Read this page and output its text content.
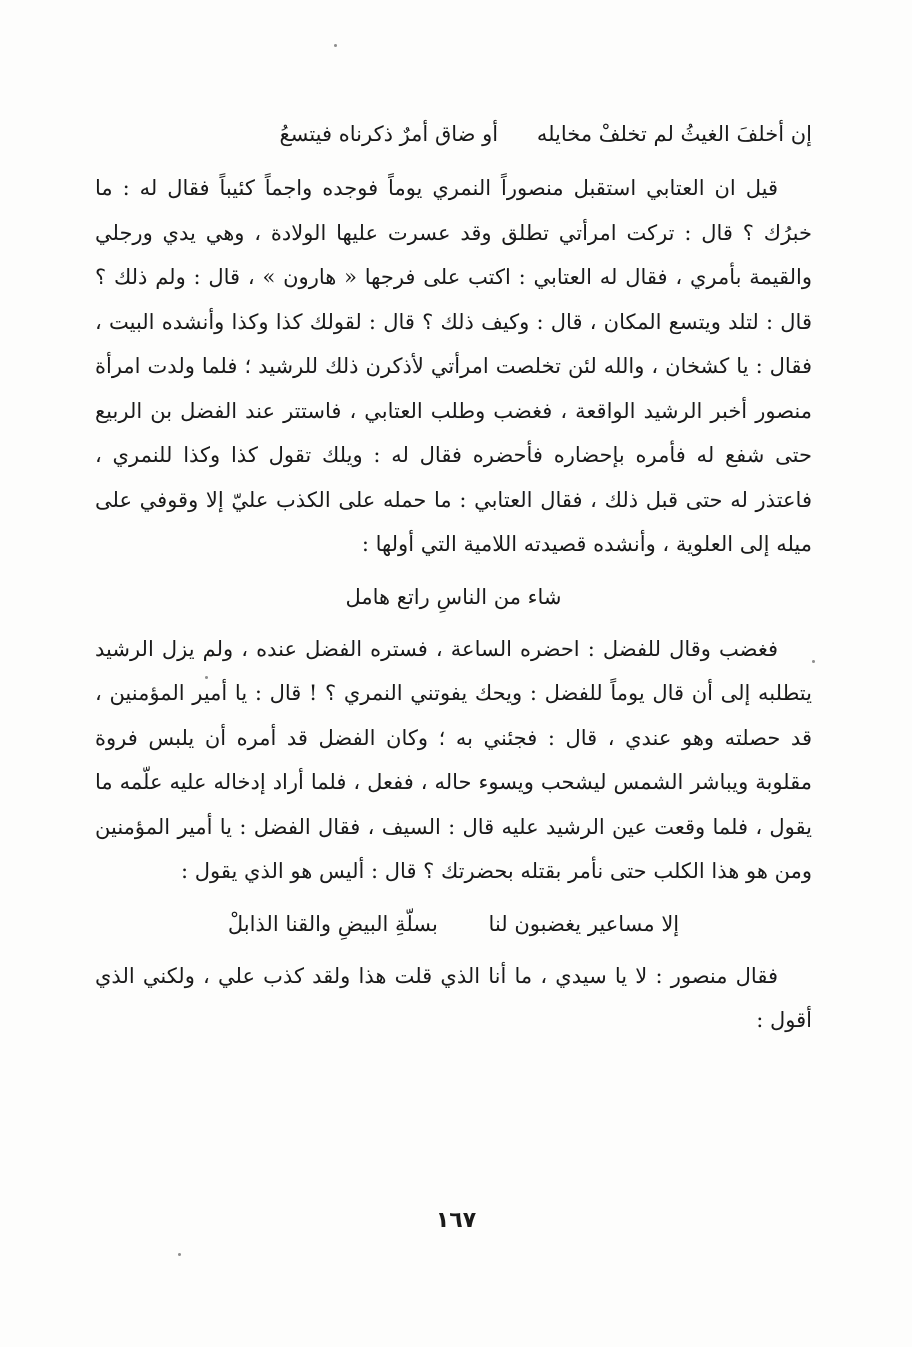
إن أخلفَ الغيثُ لم تخلفْ مخايله أو ضاق أمرٌ ذكرناه فيتسعُ

قيل ان العتابي استقبل منصوراً النمري يوماً فوجده واجماً كئيباً فقال له : ما خبرُك ؟ قال : تركت امرأتي تطلق وقد عسرت عليها الولادة ، وهي يدي ورجلي والقيمة بأمري ، فقال له العتابي : اكتب على فرجها « هارون » ، قال : ولم ذلك ؟ قال : لتلد ويتسع المكان ، قال : وكيف ذلك ؟ قال : لقولك كذا وكذا وأنشده البيت ، فقال : يا كشخان ، والله لئن تخلصت امرأتي لأذكرن ذلك للرشيد ؛ فلما ولدت امرأة منصور أخبر الرشيد الواقعة ، فغضب وطلب العتابي ، فاستتر عند الفضل بن الربيع حتى شفع له فأمره بإحضاره فأحضره فقال له : ويلك تقول كذا وكذا للنمري ، فاعتذر له حتى قبل ذلك ، فقال العتابي : ما حمله على الكذب عليّ إلا وقوفي على ميله إلى العلوية ، وأنشده قصيدته اللامية التي أولها :

شاء من الناسِ راتع هامل

فغضب وقال للفضل : احضره الساعة ، فستره الفضل عنده ، ولم يزل الرشيد يتطلبه إلى أن قال يوماً للفضل : ويحك يفوتني النمري ؟ ! قال : يا أمير المؤمنين ، قد حصلته وهو عندي ، قال : فجئني به ؛ وكان الفضل قد أمره أن يلبس فروة مقلوبة ويباشر الشمس ليشحب ويسوء حاله ، ففعل ، فلما أراد إدخاله عليه علّمه ما يقول ، فلما وقعت عين الرشيد عليه قال : السيف ، فقال الفضل : يا أمير المؤمنين ومن هو هذا الكلب حتى نأمر بقتله بحضرتك ؟ قال : أليس هو الذي يقول :

إلا مساعير يغضبون لنا بسلّةِ البيضِ والقنا الذابلْ

فقال منصور : لا يا سيدي ، ما أنا الذي قلت هذا ولقد كذب علي ، ولكني الذي أقول :

١٦٧
